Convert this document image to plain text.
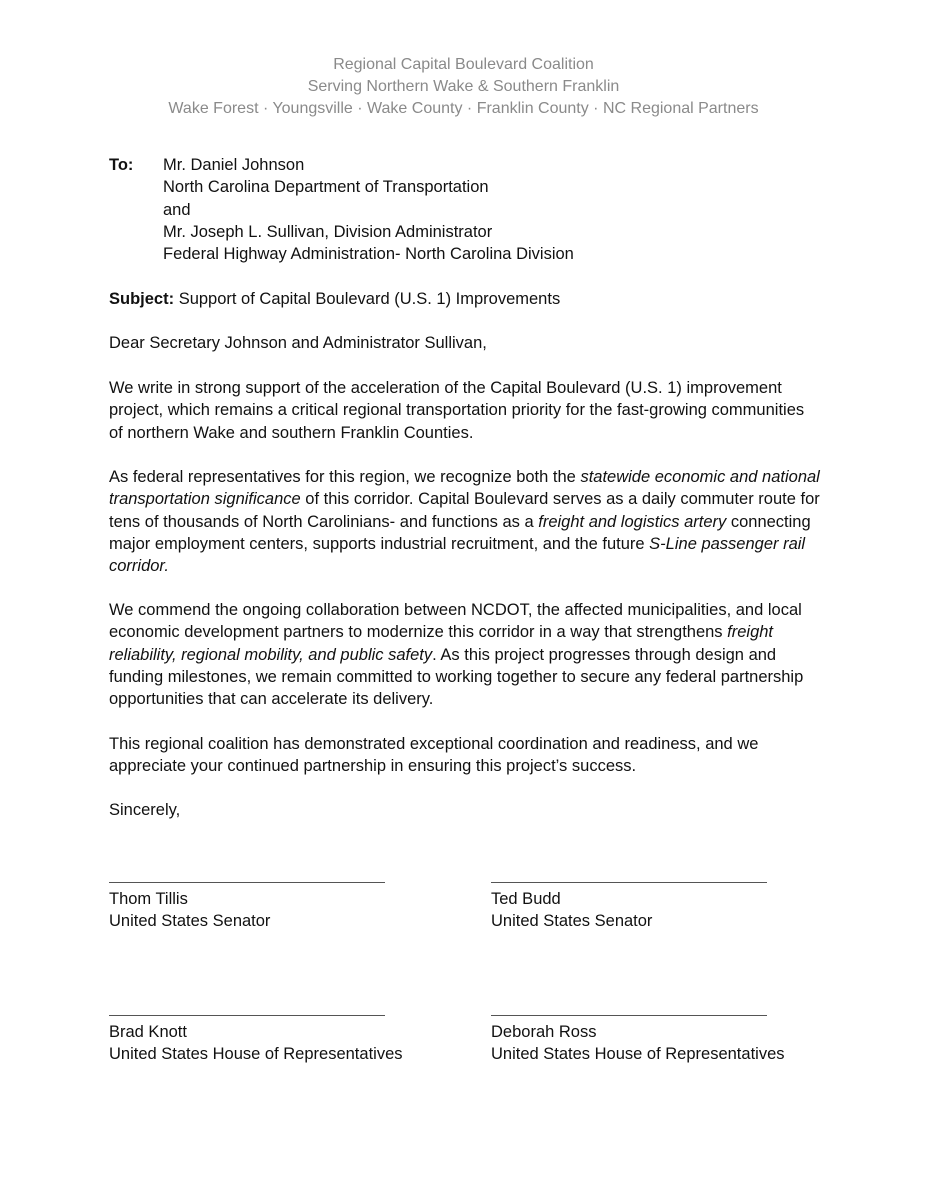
Regional Capital Boulevard Coalition
Serving Northern Wake & Southern Franklin
Wake Forest · Youngsville · Wake County · Franklin County · NC Regional Partners
To: Mr. Daniel Johnson
North Carolina Department of Transportation
and
Mr. Joseph L. Sullivan, Division Administrator
Federal Highway Administration- North Carolina Division

Subject: Support of Capital Boulevard (U.S. 1) Improvements

Dear Secretary Johnson and Administrator Sullivan,

We write in strong support of the acceleration of the Capital Boulevard (U.S. 1) improvement project, which remains a critical regional transportation priority for the fast-growing communities of northern Wake and southern Franklin Counties.

As federal representatives for this region, we recognize both the statewide economic and national transportation significance of this corridor. Capital Boulevard serves as a daily commuter route for tens of thousands of North Carolinians- and functions as a freight and logistics artery connecting major employment centers, supports industrial recruitment, and the future S-Line passenger rail corridor.

We commend the ongoing collaboration between NCDOT, the affected municipalities, and local economic development partners to modernize this corridor in a way that strengthens freight reliability, regional mobility, and public safety. As this project progresses through design and funding milestones, we remain committed to working together to secure any federal partnership opportunities that can accelerate its delivery.

This regional coalition has demonstrated exceptional coordination and readiness, and we appreciate your continued partnership in ensuring this project’s success.

Sincerely,

Thom Tillis
United States Senator
Ted Budd
United States Senator
Brad Knott
United States House of Representatives
Deborah Ross
United States House of Representatives
